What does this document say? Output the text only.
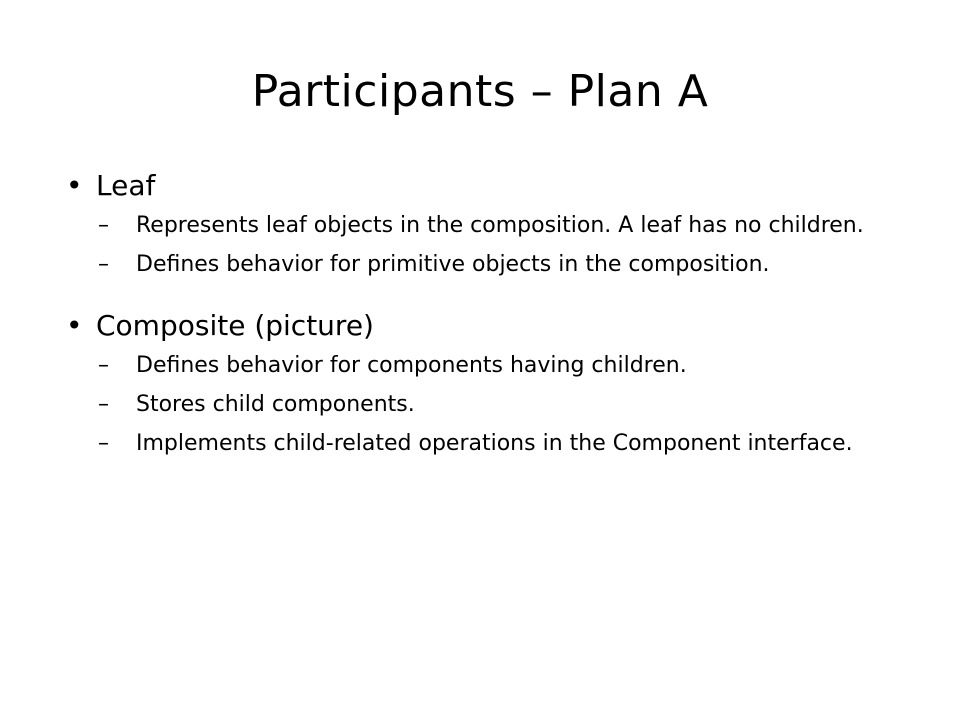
Participants – Plan A
• Leaf
– Represents leaf objects in the composition. A leaf has no children.
– Defines behavior for primitive objects in the composition.
• Composite (picture)
– Defines behavior for components having children.
– Stores child components.
– Implements child-related operations in the Component interface.
